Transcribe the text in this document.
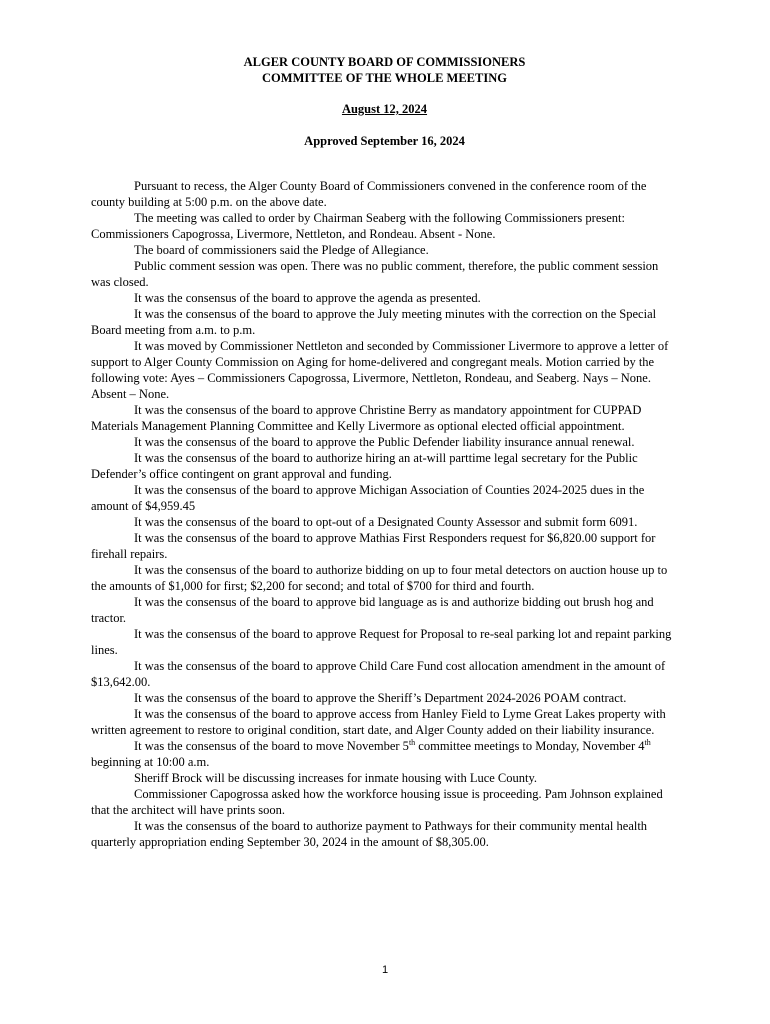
ALGER COUNTY BOARD OF COMMISSIONERS

COMMITTEE OF THE WHOLE MEETING

August 12, 2024
Approved September 16, 2024

Pursuant to recess, the Alger County Board of Commissioners convened in the conference room of the county building at 5:00 p.m. on the above date.

The meeting was called to order by Chairman Seaberg with the following Commissioners present: Commissioners Capogrossa, Livermore, Nettleton, and Rondeau. Absent - None.

The board of commissioners said the Pledge of Allegiance.

Public comment session was open. There was no public comment, therefore, the public comment session was closed.

It was the consensus of the board to approve the agenda as presented.

It was the consensus of the board to approve the July meeting minutes with the correction on the Special Board meeting from a.m. to p.m.

It was moved by Commissioner Nettleton and seconded by Commissioner Livermore to approve a letter of support to Alger County Commission on Aging for home-delivered and congregant meals. Motion carried by the following vote: Ayes – Commissioners Capogrossa, Livermore, Nettleton, Rondeau, and Seaberg. Nays – None. Absent – None.

It was the consensus of the board to approve Christine Berry as mandatory appointment for CUPPAD Materials Management Planning Committee and Kelly Livermore as optional elected official appointment.

It was the consensus of the board to approve the Public Defender liability insurance annual renewal.

It was the consensus of the board to authorize hiring an at-will parttime legal secretary for the Public Defender’s office contingent on grant approval and funding.

It was the consensus of the board to approve Michigan Association of Counties 2024-2025 dues in the amount of $4,959.45

It was the consensus of the board to opt-out of a Designated County Assessor and submit form 6091.

It was the consensus of the board to approve Mathias First Responders request for $6,820.00 support for firehall repairs.

It was the consensus of the board to authorize bidding on up to four metal detectors on auction house up to the amounts of $1,000 for first; $2,200 for second; and total of $700 for third and fourth.

It was the consensus of the board to approve bid language as is and authorize bidding out brush hog and tractor.

It was the consensus of the board to approve Request for Proposal to re-seal parking lot and repaint parking lines.

It was the consensus of the board to approve Child Care Fund cost allocation amendment in the amount of $13,642.00.

It was the consensus of the board to approve the Sheriff’s Department 2024-2026 POAM contract.

It was the consensus of the board to approve access from Hanley Field to Lyme Great Lakes property with written agreement to restore to original condition, start date, and Alger County added on their liability insurance.

It was the consensus of the board to move November 5th committee meetings to Monday, November 4th beginning at 10:00 a.m.

Sheriff Brock will be discussing increases for inmate housing with Luce County.

Commissioner Capogrossa asked how the workforce housing issue is proceeding. Pam Johnson explained that the architect will have prints soon.

It was the consensus of the board to authorize payment to Pathways for their community mental health quarterly appropriation ending September 30, 2024 in the amount of $8,305.00.

1
